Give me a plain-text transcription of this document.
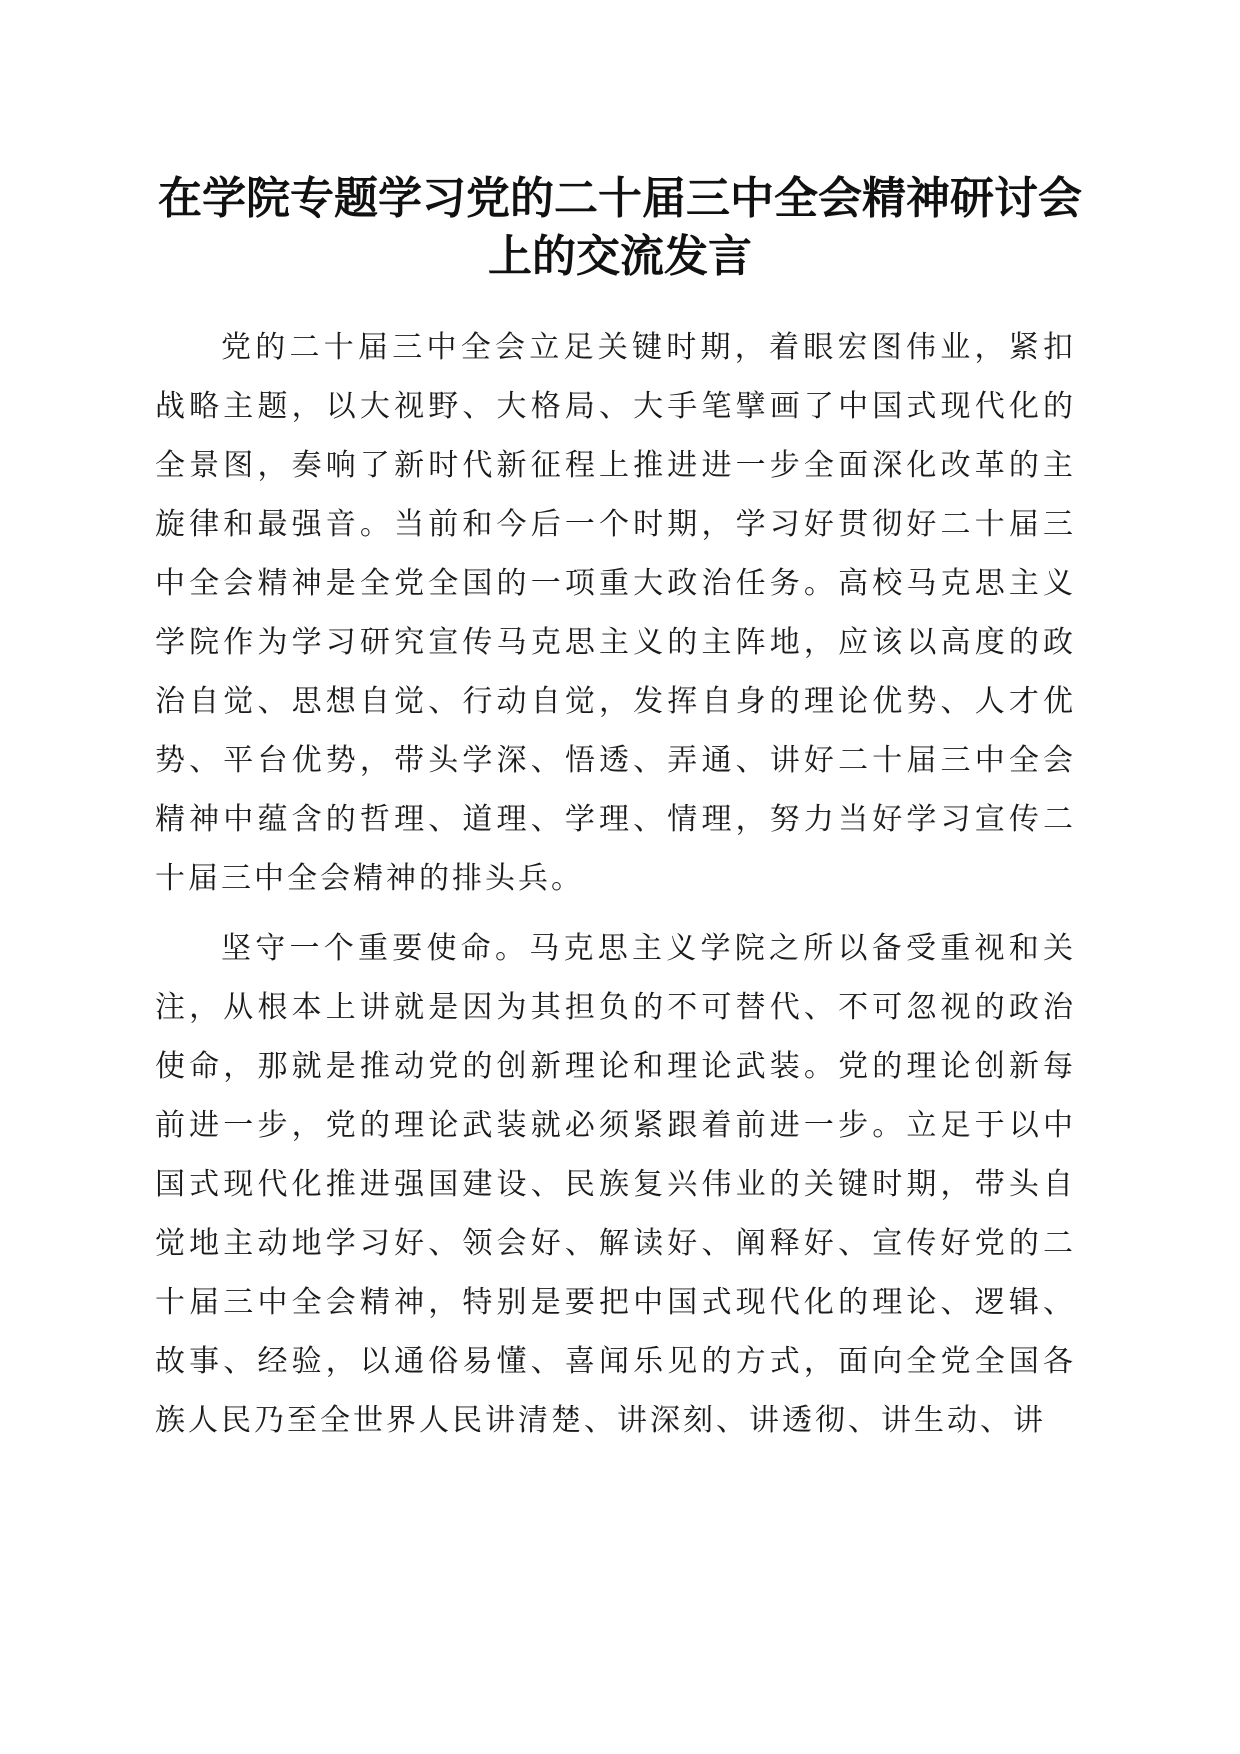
在学院专题学习党的二十届三中全会精神研讨会上的交流发言

党的二十届三中全会立足关键时期，着眼宏图伟业，紧扣战略主题，以大视野、大格局、大手笔擘画了中国式现代化的全景图，奏响了新时代新征程上推进进一步全面深化改革的主旋律和最强音。当前和今后一个时期，学习好贯彻好二十届三中全会精神是全党全国的一项重大政治任务。高校马克思主义学院作为学习研究宣传马克思主义的主阵地，应该以高度的政治自觉、思想自觉、行动自觉，发挥自身的理论优势、人才优势、平台优势，带头学深、悟透、弄通、讲好二十届三中全会精神中蕴含的哲理、道理、学理、情理，努力当好学习宣传二十届三中全会精神的排头兵。

坚守一个重要使命。马克思主义学院之所以备受重视和关注，从根本上讲就是因为其担负的不可替代、不可忽视的政治使命，那就是推动党的创新理论和理论武装。党的理论创新每前进一步，党的理论武装就必须紧跟着前进一步。立足于以中国式现代化推进强国建设、民族复兴伟业的关键时期，带头自觉地主动地学习好、领会好、解读好、阐释好、宣传好党的二十届三中全会精神，特别是要把中国式现代化的理论、逻辑、故事、经验，以通俗易懂、喜闻乐见的方式，面向全党全国各族人民乃至全世界人民讲清楚、讲深刻、讲透彻、讲生动、讲
